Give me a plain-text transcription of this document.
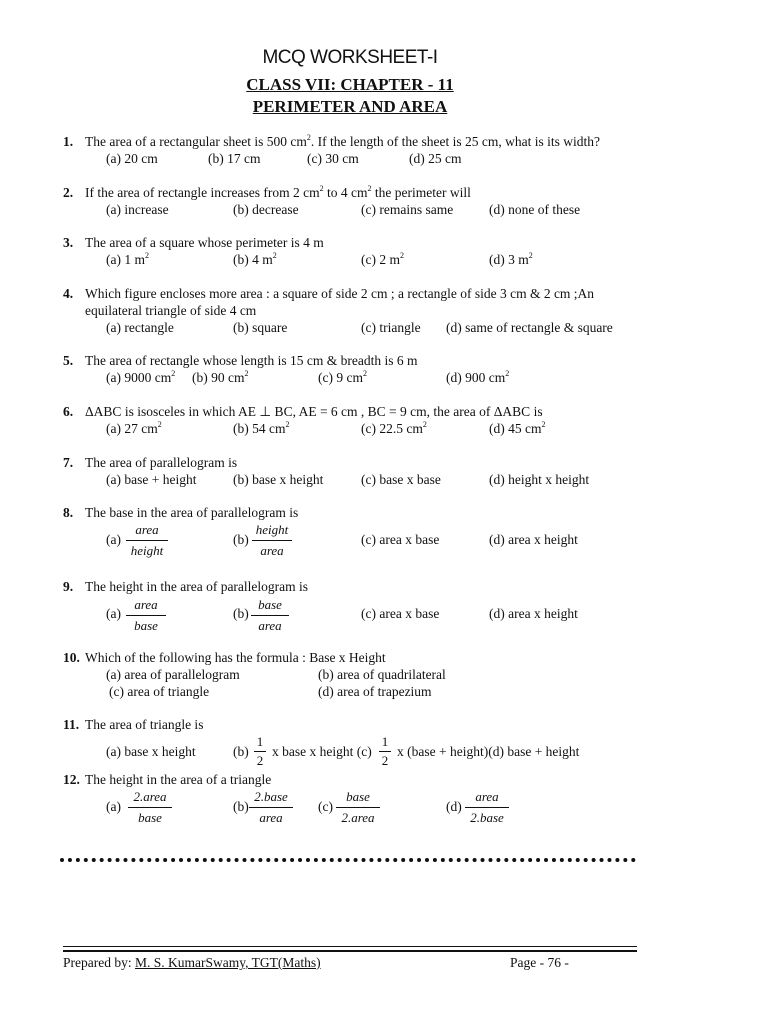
MCQ WORKSHEET-I
CLASS VII: CHAPTER - 11
PERIMETER AND AREA
1. The area of a rectangular sheet is 500 $cm^2$. If the length of the sheet is 25 cm, what is its width?
(a) 20 cm	(b) 17 cm	(c) 30 cm	(d) 25 cm
2. If the area of rectangle increases from 2 $cm^2$ to 4 $cm^2$ the perimeter will
(a) increase	(b) decrease	(c) remains same	(d) none of these
3. The area of a square whose perimeter is 4 m
(a) 1 $m^2$	(b) 4 $m^2$	(c) 2 $m^2$	(d) 3 $m^2$
4. Which figure encloses more area : a square of side 2 cm ; a rectangle of side 3 cm & 2 cm ;An
equilateral triangle of side 4 cm
(a) rectangle	(b) square	(c) triangle (d) same of rectangle & square
5. The area of rectangle whose length is 15 cm & breadth is 6 m
(a) 9000 $cm^2$ (b) 90 $cm^2$	(c) 9 $cm^2$	(d) 900 $cm^2$
6. ΔABC is isosceles in which AE ⊥ BC, AE = 6 cm , BC = 9 cm, the area of ΔABC is
(a) 27 $cm^2$	(b) 54 $cm^2$	(c) 22.5 $cm^2$	(d) 45 $cm^2$
7. The area of parallelogram is
(a) base + height	(b) base x height	(c) base x base	(d) height x height
8. The base in the area of parallelogram is
(a)
area
height
(b)
height
area
(c) area x base	(d) area x height
9. The height in the area of parallelogram is
(a)
area
base
(b)
base
area
(c) area x base	(d) area x height
10. Which of the following has the formula : Base x Height
(a) area of parallelogram	(b) area of quadrilateral
(c) area of triangle	(d) area of trapezium
11. The area of triangle is
(a) base x height	$(b) \frac{1}{2}$ x base x height $(c) \frac{1}{2}$ x (base + height)(d) base + height
12. The height in the area of a triangle
(a)
2.area
base
(b)
2.base
area
(c)
base
2.area
(d)
area
2.base
Prepared by: M. S. KumarSwamy, TGT(Maths)	Page - 76 -
